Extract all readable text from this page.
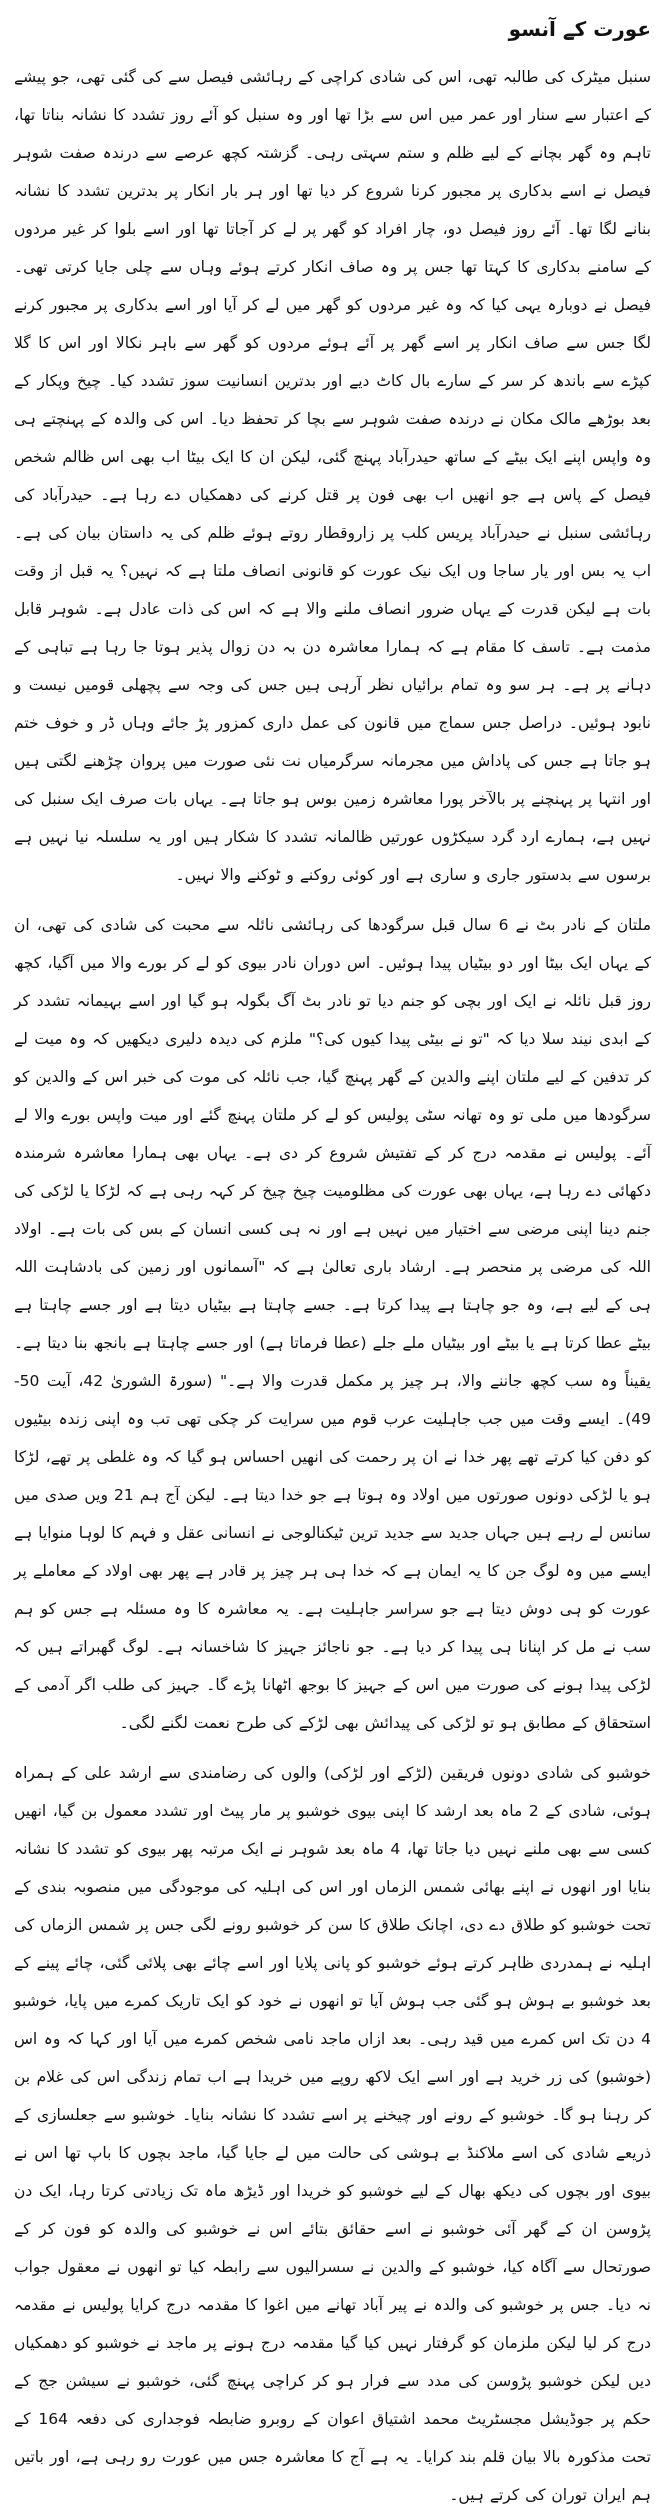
عورت کے آنسو

سنبل میٹرک کی طالبہ تھی، اس کی شادی کراچی کے رہائشی فیصل سے کی گئی تھی، جو پیشے کے اعتبار سے سنار اور عمر میں اس سے بڑا تھا اور وہ سنبل کو آئے روز تشدد کا نشانہ بناتا تھا، تاہم وہ گھر بچانے کے لیے ظلم و ستم سہتی رہی۔ گزشتہ کچھ عرصے سے درندہ صفت شوہر فیصل نے اسے بدکاری پر مجبور کرنا شروع کر دیا تھا اور ہر بار انکار پر بدترین تشدد کا نشانہ بنانے لگا تھا۔ آئے روز فیصل دو، چار افراد کو گھر پر لے کر آجاتا تھا اور اسے بلوا کر غیر مردوں کے سامنے بدکاری کا کہتا تھا جس پر وہ صاف انکار کرتے ہوئے وہاں سے چلی جایا کرتی تھی۔ فیصل نے دوبارہ یہی کیا کہ وہ غیر مردوں کو گھر میں لے کر آیا اور اسے بدکاری پر مجبور کرنے لگا جس سے صاف انکار پر اسے گھر پر آئے ہوئے مردوں کو گھر سے باہر نکالا اور اس کا گلا کپڑے سے باندھ کر سر کے سارے بال کاٹ دیے اور بدترین انسانیت سوز تشدد کیا۔ چیخ وپکار کے بعد بوڑھے مالک مکان نے درندہ صفت شوہر سے بچا کر تحفظ دیا۔ اس کی والدہ کے پہنچتے ہی وہ واپس اپنے ایک بیٹے کے ساتھ حیدرآباد پہنچ گئی، لیکن ان کا ایک بیٹا اب بھی اس ظالم شخص فیصل کے پاس ہے جو انھیں اب بھی فون پر قتل کرنے کی دھمکیاں دے رہا ہے۔ حیدرآباد کی رہائشی سنبل نے حیدرآباد پریس کلب پر زاروقطار روتے ہوئے ظلم کی یہ داستان بیان کی ہے۔ اب یہ بس اور یار ساجا وں ایک نیک عورت کو قانونی انصاف ملتا ہے کہ نہیں؟ یہ قبل از وقت بات ہے لیکن قدرت کے یہاں ضرور انصاف ملنے والا ہے کہ اس کی ذات عادل ہے۔ شوہر قابل مذمت ہے۔ تاسف کا مقام ہے کہ ہمارا معاشرہ دن بہ دن زوال پذیر ہوتا جا رہا ہے تباہی کے دہانے پر ہے۔ ہر سو وہ تمام برائیاں نظر آرہی ہیں جس کی وجہ سے پچھلی قومیں نیست و نابود ہوئیں۔ دراصل جس سماج میں قانون کی عمل داری کمزور پڑ جائے وہاں ڈر و خوف ختم ہو جاتا ہے جس کی پاداش میں مجرمانہ سرگرمیاں نت نئی صورت میں پروان چڑھنے لگتی ہیں اور انتہا پر پہنچنے پر بالآخر پورا معاشرہ زمین بوس ہو جاتا ہے۔ یہاں بات صرف ایک سنبل کی نہیں ہے، ہمارے ارد گرد سیکڑوں عورتیں ظالمانہ تشدد کا شکار ہیں اور یہ سلسلہ نیا نہیں ہے برسوں سے بدستور جاری و ساری ہے اور کوئی روکنے و ٹوکنے والا نہیں۔

ملتان کے نادر بٹ نے 6 سال قبل سرگودھا کی رہائشی نائلہ سے محبت کی شادی کی تھی، ان کے یہاں ایک بیٹا اور دو بیٹیاں پیدا ہوئیں۔ اس دوران نادر بیوی کو لے کر بورے والا میں آگیا، کچھ روز قبل نائلہ نے ایک اور بچی کو جنم دیا تو نادر بٹ آگ بگولہ ہو گیا اور اسے بہیمانہ تشدد کر کے ابدی نیند سلا دیا کہ "تو نے بیٹی پیدا کیوں کی؟" ملزم کی دیدہ دلیری دیکھیں کہ وہ میت لے کر تدفین کے لیے ملتان اپنے والدین کے گھر پہنچ گیا، جب نائلہ کی موت کی خبر اس کے والدین کو سرگودھا میں ملی تو وہ تھانہ سٹی پولیس کو لے کر ملتان پہنچ گئے اور میت واپس بورے والا لے آئے۔ پولیس نے مقدمہ درج کر کے تفتیش شروع کر دی ہے۔ یہاں بھی ہمارا معاشرہ شرمندہ دکھائی دے رہا ہے، یہاں بھی عورت کی مظلومیت چیخ چیخ کر کہہ رہی ہے کہ لڑکا یا لڑکی کی جنم دینا اپنی مرضی سے اختیار میں نہیں ہے اور نہ ہی کسی انسان کے بس کی بات ہے۔ اولاد اللہ کی مرضی پر منحصر ہے۔ ارشاد باری تعالیٰ ہے کہ "آسمانوں اور زمین کی بادشاہت اللہ ہی کے لیے ہے، وہ جو چاہتا ہے پیدا کرتا ہے۔ جسے چاہتا ہے بیٹیاں دیتا ہے اور جسے چاہتا ہے بیٹے عطا کرتا ہے یا بیٹے اور بیٹیاں ملے جلے (عطا فرماتا ہے) اور جسے چاہتا ہے بانجھ بنا دیتا ہے۔ یقیناً وہ سب کچھ جاننے والا، ہر چیز پر مکمل قدرت والا ہے۔" (سورۃ الشوریٰ 42، آیت 50-49)۔ ایسے وقت میں جب جاہلیت عرب قوم میں سرایت کر چکی تھی تب وہ اپنی زندہ بیٹیوں کو دفن کیا کرتے تھے پھر خدا نے ان پر رحمت کی انھیں احساس ہو گیا کہ وہ غلطی پر تھے، لڑکا ہو یا لڑکی دونوں صورتوں میں اولاد وہ ہوتا ہے جو خدا دیتا ہے۔ لیکن آج ہم 21 ویں صدی میں سانس لے رہے ہیں جہاں جدید سے جدید ترین ٹیکنالوجی نے انسانی عقل و فہم کا لوہا منوایا ہے ایسے میں وہ لوگ جن کا یہ ایمان ہے کہ خدا ہی ہر چیز پر قادر ہے پھر بھی اولاد کے معاملے پر عورت کو ہی دوش دیتا ہے جو سراسر جاہلیت ہے۔ یہ معاشرہ کا وہ مسئلہ ہے جس کو ہم سب نے مل کر اپنانا ہی پیدا کر دیا ہے۔ جو ناجائز جہیز کا شاخسانہ ہے۔ لوگ گھبراتے ہیں کہ لڑکی پیدا ہونے کی صورت میں اس کے جہیز کا بوجھ اٹھانا پڑے گا۔ جہیز کی طلب اگر آدمی کے استحقاق کے مطابق ہو تو لڑکی کی پیدائش بھی لڑکے کی طرح نعمت لگنے لگی۔

خوشبو کی شادی دونوں فریقین (لڑکے اور لڑکی) والوں کی رضامندی سے ارشد علی کے ہمراہ ہوئی، شادی کے 2 ماہ بعد ارشد کا اپنی بیوی خوشبو پر مار پیٹ اور تشدد معمول بن گیا، انھیں کسی سے بھی ملنے نہیں دیا جاتا تھا، 4 ماہ بعد شوہر نے ایک مرتبہ پھر بیوی کو تشدد کا نشانہ بنایا اور انھوں نے اپنے بھائی شمس الزماں اور اس کی اہلیہ کی موجودگی میں منصوبہ بندی کے تحت خوشبو کو طلاق دے دی، اچانک طلاق کا سن کر خوشبو رونے لگی جس پر شمس الزماں کی اہلیہ نے ہمدردی ظاہر کرتے ہوئے خوشبو کو پانی پلایا اور اسے چائے بھی پلائی گئی، چائے پینے کے بعد خوشبو بے ہوش ہو گئی جب ہوش آیا تو انھوں نے خود کو ایک تاریک کمرے میں پایا، خوشبو 4 دن تک اس کمرے میں قید رہی۔ بعد ازاں ماجد نامی شخص کمرے میں آیا اور کہا کہ وہ اس (خوشبو) کی زر خرید ہے اور اسے ایک لاکھ روپے میں خریدا ہے اب تمام زندگی اس کی غلام بن کر رہنا ہو گا۔ خوشبو کے رونے اور چیخنے پر اسے تشدد کا نشانہ بنایا۔ خوشبو سے جعلسازی کے ذریعے شادی کی اسے ملاکنڈ بے ہوشی کی حالت میں لے جایا گیا، ماجد بچوں کا باپ تھا اس نے بیوی اور بچوں کی دیکھ بھال کے لیے خوشبو کو خریدا اور ڈیڑھ ماہ تک زیادتی کرتا رہا، ایک دن پڑوسن ان کے گھر آئی خوشبو نے اسے حقائق بتائے اس نے خوشبو کی والدہ کو فون کر کے صورتحال سے آگاہ کیا، خوشبو کے والدین نے سسرالیوں سے رابطہ کیا تو انھوں نے معقول جواب نہ دیا۔ جس پر خوشبو کی والدہ نے پیر آباد تھانے میں اغوا کا مقدمہ درج کرایا پولیس نے مقدمہ درج کر لیا لیکن ملزمان کو گرفتار نہیں کیا گیا مقدمہ درج ہونے پر ماجد نے خوشبو کو دھمکیاں دیں لیکن خوشبو پڑوسن کی مدد سے فرار ہو کر کراچی پہنچ گئی، خوشبو نے سیشن جج کے حکم پر جوڈیشل مجسٹریٹ محمد اشتیاق اعوان کے روبرو ضابطہ فوجداری کی دفعہ 164 کے تحت مذکورہ بالا بیان قلم بند کرایا۔ یہ ہے آج کا معاشرہ جس میں عورت رو رہی ہے، اور باتیں ہم ایران توران کی کرتے ہیں۔
